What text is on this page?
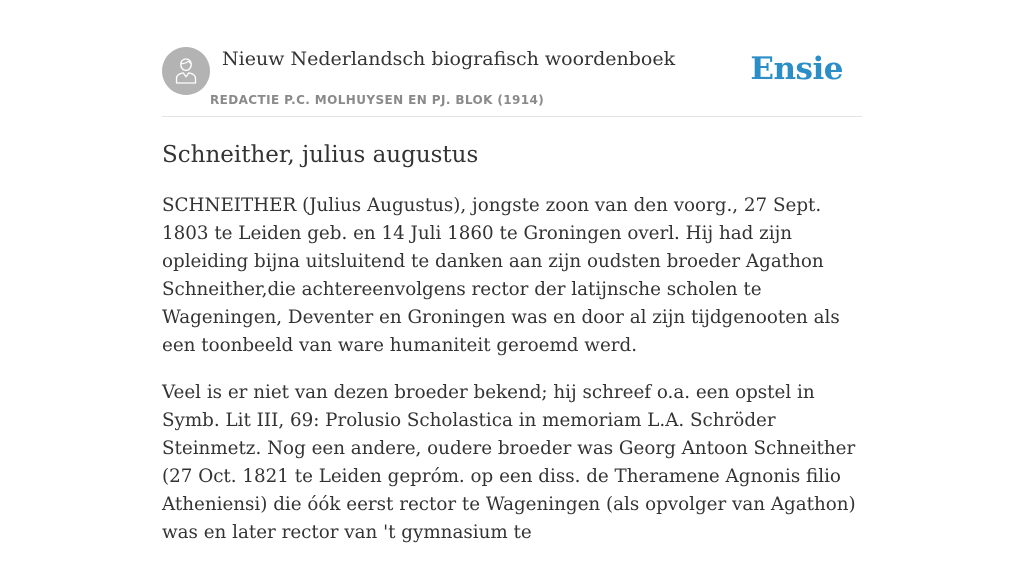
Nieuw Nederlandsch biografisch woordenboek
REDACTIE P.C. MOLHUYSEN EN PJ. BLOK (1914)
Ensie
Schneither, julius augustus

SCHNEITHER (Julius Augustus), jongste zoon van den voorg., 27 Sept. 1803 te Leiden geb. en 14 Juli 1860 te Groningen overl. Hij had zijn opleiding bijna uitsluitend te danken aan zijn oudsten broeder Agathon Schneither,die achtereenvolgens rector der latijnsche scholen te Wageningen, Deventer en Groningen was en door al zijn tijdgenooten als een toonbeeld van ware humaniteit geroemd werd.

Veel is er niet van dezen broeder bekend; hij schreef o.a. een opstel in Symb. Lit III, 69: Prolusio Scholastica in memoriam L.A. Schröder Steinmetz. Nog een andere, oudere broeder was Georg Antoon Schneither (27 Oct. 1821 te Leiden gepróm. op een diss. de Theramene Agnonis filio Atheniensi) die óók eerst rector te Wageningen (als opvolger van Agathon) was en later rector van 't gymnasium te
